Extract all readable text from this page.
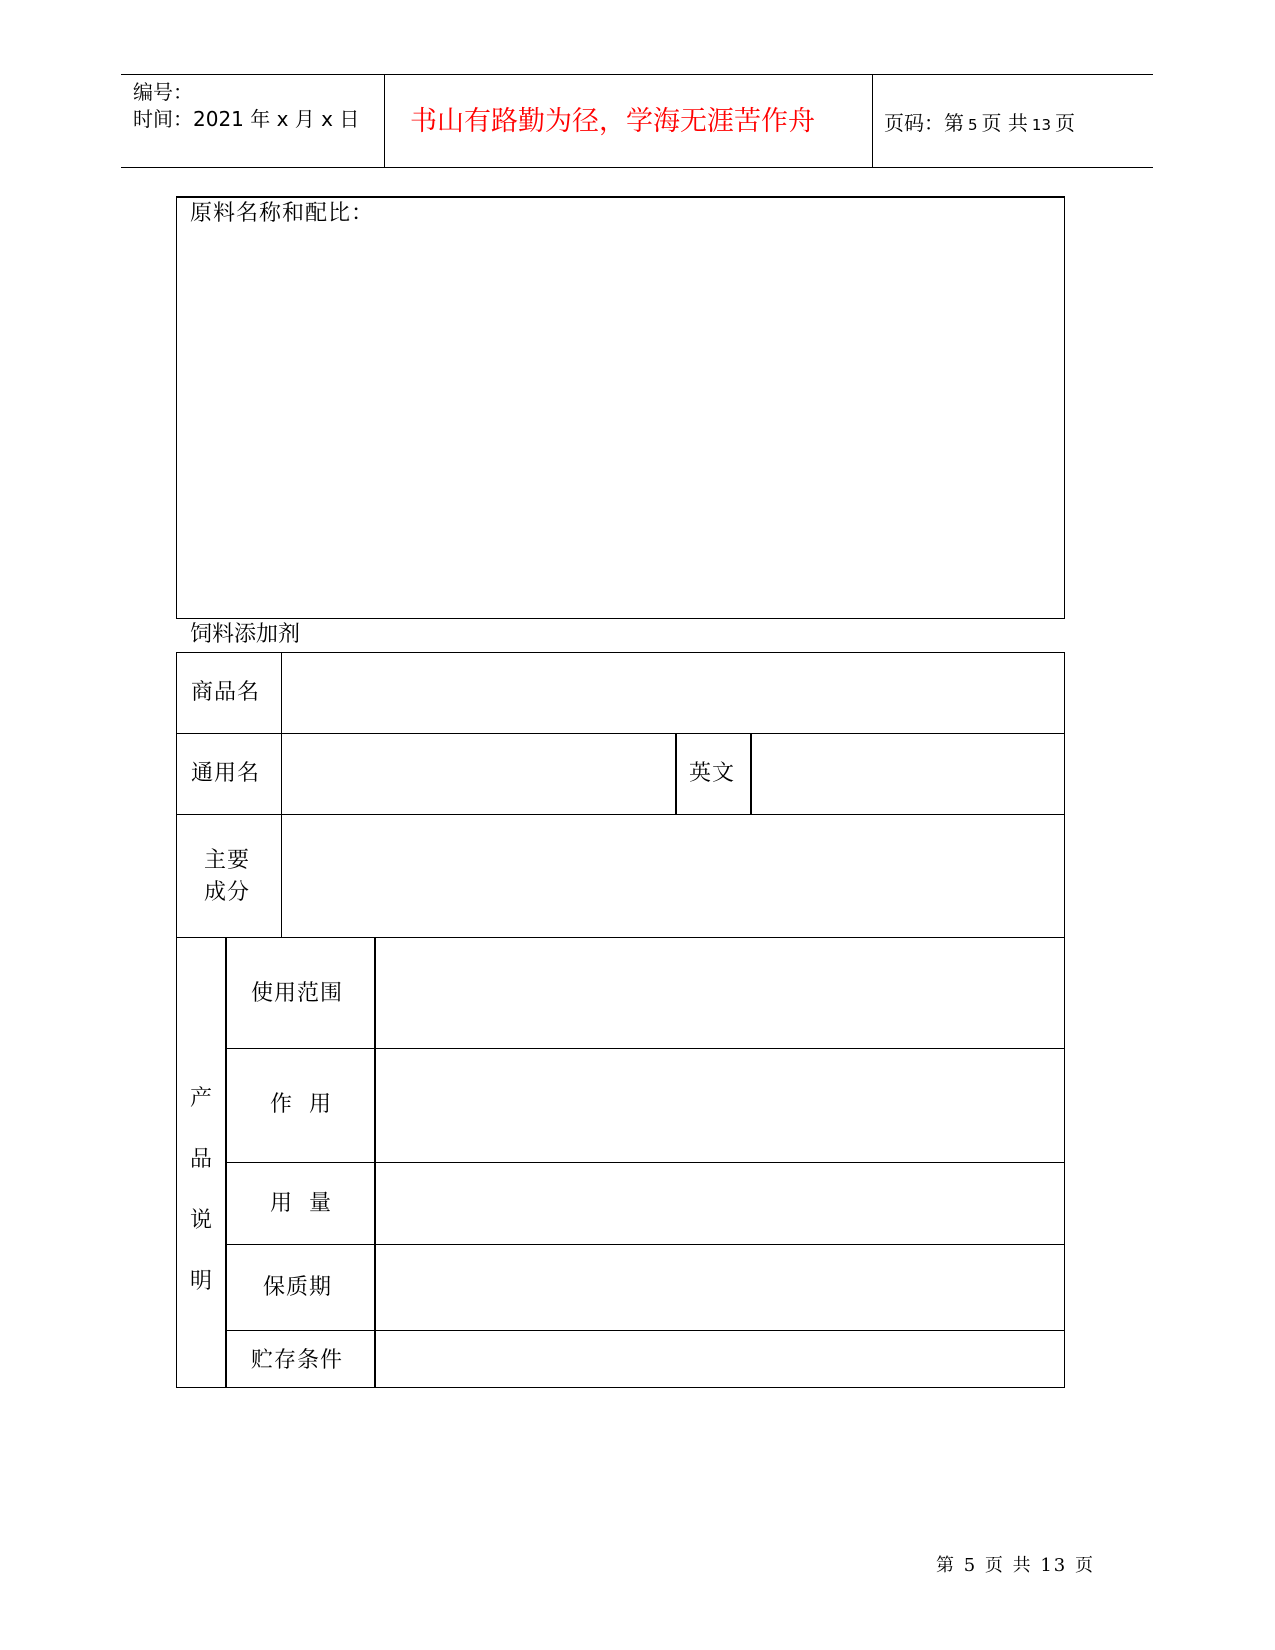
编号：
时间：2021 年 x 月 x 日 书山有路勤为径，学海无涯苦作舟	页码：第 5 页 共 13 页
原料名称和配比：
饲料添加剂
商品名
通用名	英文
主要
成分
产
品
说
明
使用范围
作  用
用  量
保质期
贮存条件
第 5 页 共 13 页
